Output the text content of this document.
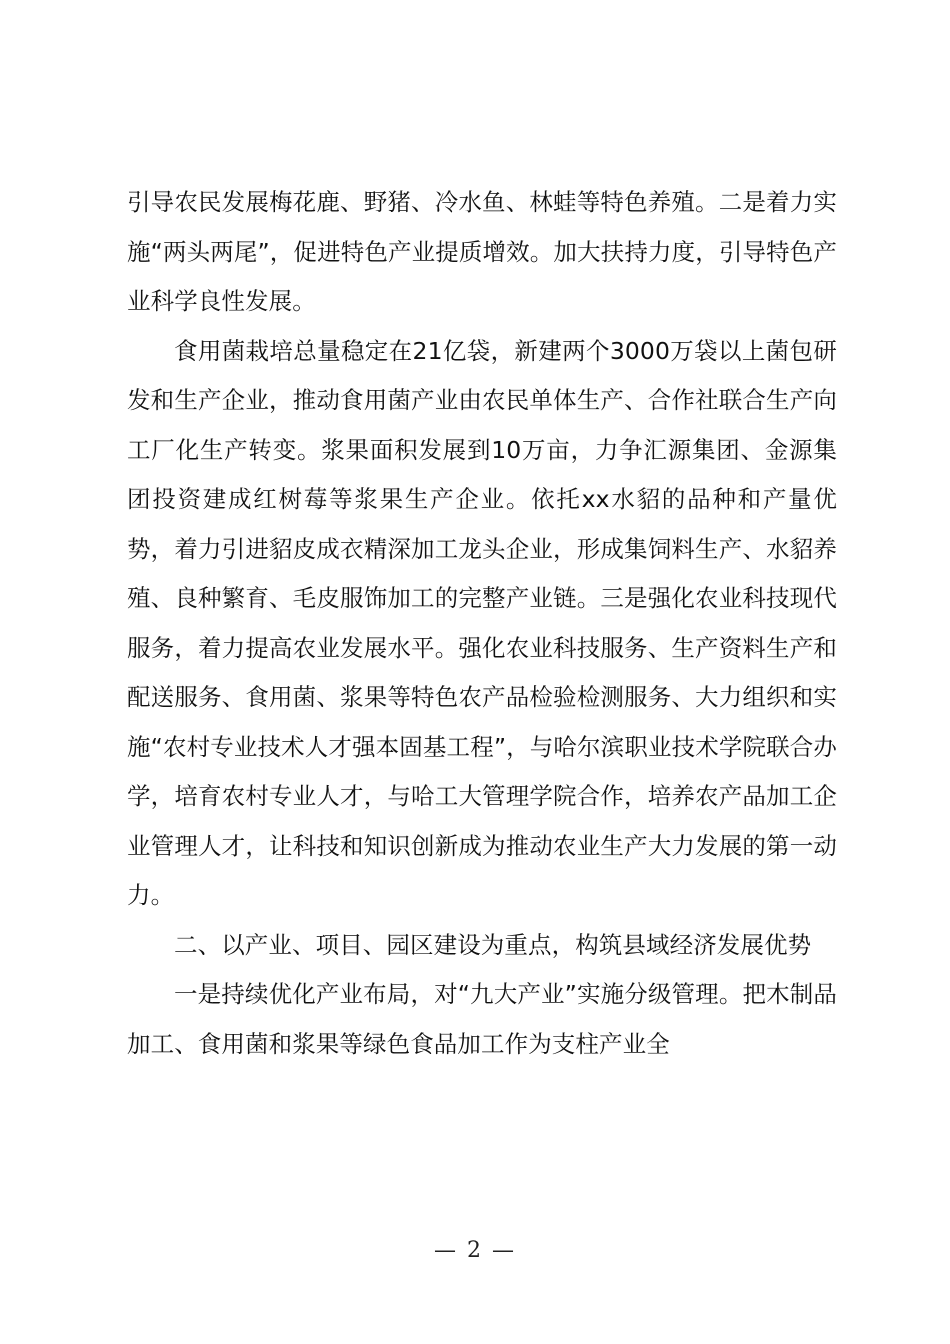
引导农民发展梅花鹿、野猪、冷水鱼、林蛙等特色养殖。二是着力实施“两头两尾”，促进特色产业提质增效。加大扶持力度，引导特色产业科学良性发展。

食用菌栽培总量稳定在21亿袋，新建两个3000万袋以上菌包研发和生产企业，推动食用菌产业由农民单体生产、合作社联合生产向工厂化生产转变。浆果面积发展到10万亩，力争汇源集团、金源集团投资建成红树莓等浆果生产企业。依托xx水貂的品种和产量优势，着力引进貂皮成衣精深加工龙头企业，形成集饲料生产、水貂养殖、良种繁育、毛皮服饰加工的完整产业链。三是强化农业科技现代服务，着力提高农业发展水平。强化农业科技服务、生产资料生产和配送服务、食用菌、浆果等特色农产品检验检测服务、大力组织和实施“农村专业技术人才强本固基工程”，与哈尔滨职业技术学院联合办学，培育农村专业人才，与哈工大管理学院合作，培养农产品加工企业管理人才，让科技和知识创新成为推动农业生产大力发展的第一动力。

二、以产业、项目、园区建设为重点，构筑县域经济发展优势

一是持续优化产业布局，对“九大产业”实施分级管理。把木制品加工、食用菌和浆果等绿色食品加工作为支柱产业全

— 2 —
